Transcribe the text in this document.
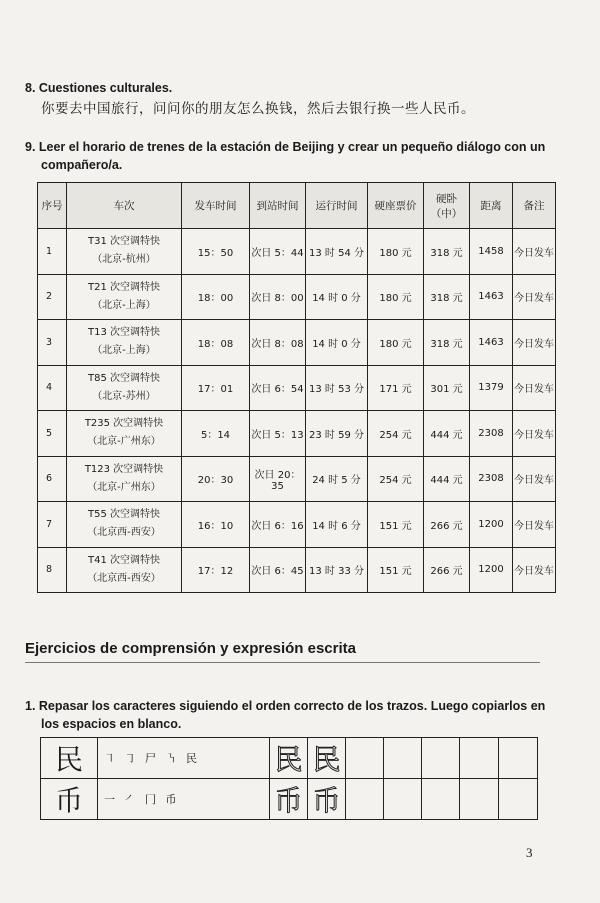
8. Cuestiones culturales.
你要去中国旅行，问问你的朋友怎么换钱，然后去银行换一些人民币。
9. Leer el horario de trenes de la estación de Beijing y crear un pequeño diálogo con un
compañero/a.
序号	车次	发车时间	到站时间	运行时间	硬座票价	硬卧（中）	距离	备注
1	T31 次空调特快
（北京-杭州）	15：50	次日 5：44	13 时 54 分	180 元	318 元	1458	今日发车
2	T21 次空调特快
（北京-上海）	18：00	次日 8：00	14 时 0 分	180 元	318 元	1463	今日发车
3	T13 次空调特快
（北京-上海）	18：08	次日 8：08	14 时 0 分	180 元	318 元	1463	今日发车
4	T85 次空调特快
（北京-苏州）	17：01	次日 6：54	13 时 53 分	171 元	301 元	1379	今日发车
5	T235 次空调特快
（北京-广州东）	5：14	次日 5：13	23 时 59 分	254 元	444 元	2308	今日发车
6	T123 次空调特快
（北京-广州东）	20：30	次日 20：35	24 时 5 分	254 元	444 元	2308	今日发车
7	T55 次空调特快
（北京西-西安）	16：10	次日 6：16	14 时 6 分	151 元	266 元	1200	今日发车
8	T41 次空调特快
（北京西-西安）	17：12	次日 6：45	13 时 33 分	151 元	266 元	1200	今日发车
Ejercicios de comprensión y expresión escrita
1. Repasar los caracteres siguiendo el orden correcto de los trazos. Luego copiarlos en
los espacios en blanco.
民	㇕ ㇆ 尸 ㇎ 民	民	民					
币	一 ㇒ 冂 币	币	币					
3
